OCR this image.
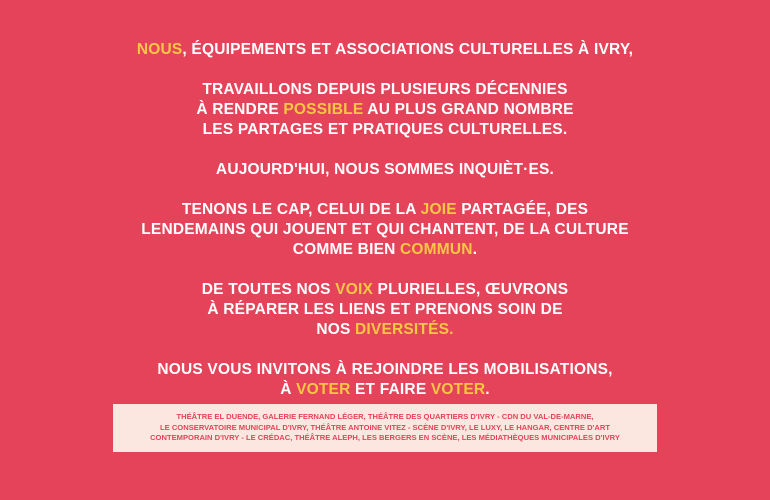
NOUS, ÉQUIPEMENTS ET ASSOCIATIONS CULTURELLES À IVRY,

TRAVAILLONS DEPUIS PLUSIEURS DÉCENNIES
À RENDRE POSSIBLE AU PLUS GRAND NOMBRE
LES PARTAGES ET PRATIQUES CULTURELLES.

AUJOURD'HUI, NOUS SOMMES INQUIÈT·ES.

TENONS LE CAP, CELUI DE LA JOIE PARTAGÉE, DES
LENDEMAINS QUI JOUENT ET QUI CHANTENT, DE LA CULTURE
COMME BIEN COMMUN.

DE TOUTES NOS VOIX PLURIELLES, ŒUVRONS
À RÉPARER LES LIENS ET PRENONS SOIN DE
NOS DIVERSITÉS.

NOUS VOUS INVITONS À REJOINDRE LES MOBILISATIONS,
À VOTER ET FAIRE VOTER.

THÉÂTRE EL DUENDE, GALERIE FERNAND LÉGER, THÉÂTRE DES QUARTIERS D'IVRY - CDN DU VAL-DE-MARNE,
LE CONSERVATOIRE MUNICIPAL D'IVRY, THÉÂTRE ANTOINE VITEZ - SCÈNE D'IVRY, LE LUXY, LE HANGAR, CENTRE D'ART
CONTEMPORAIN D'IVRY - LE CRÉDAC, THÉÂTRE ALEPH, LES BERGERS EN SCÈNE, LES MÉDIATHÈQUES MUNICIPALES D'IVRY
